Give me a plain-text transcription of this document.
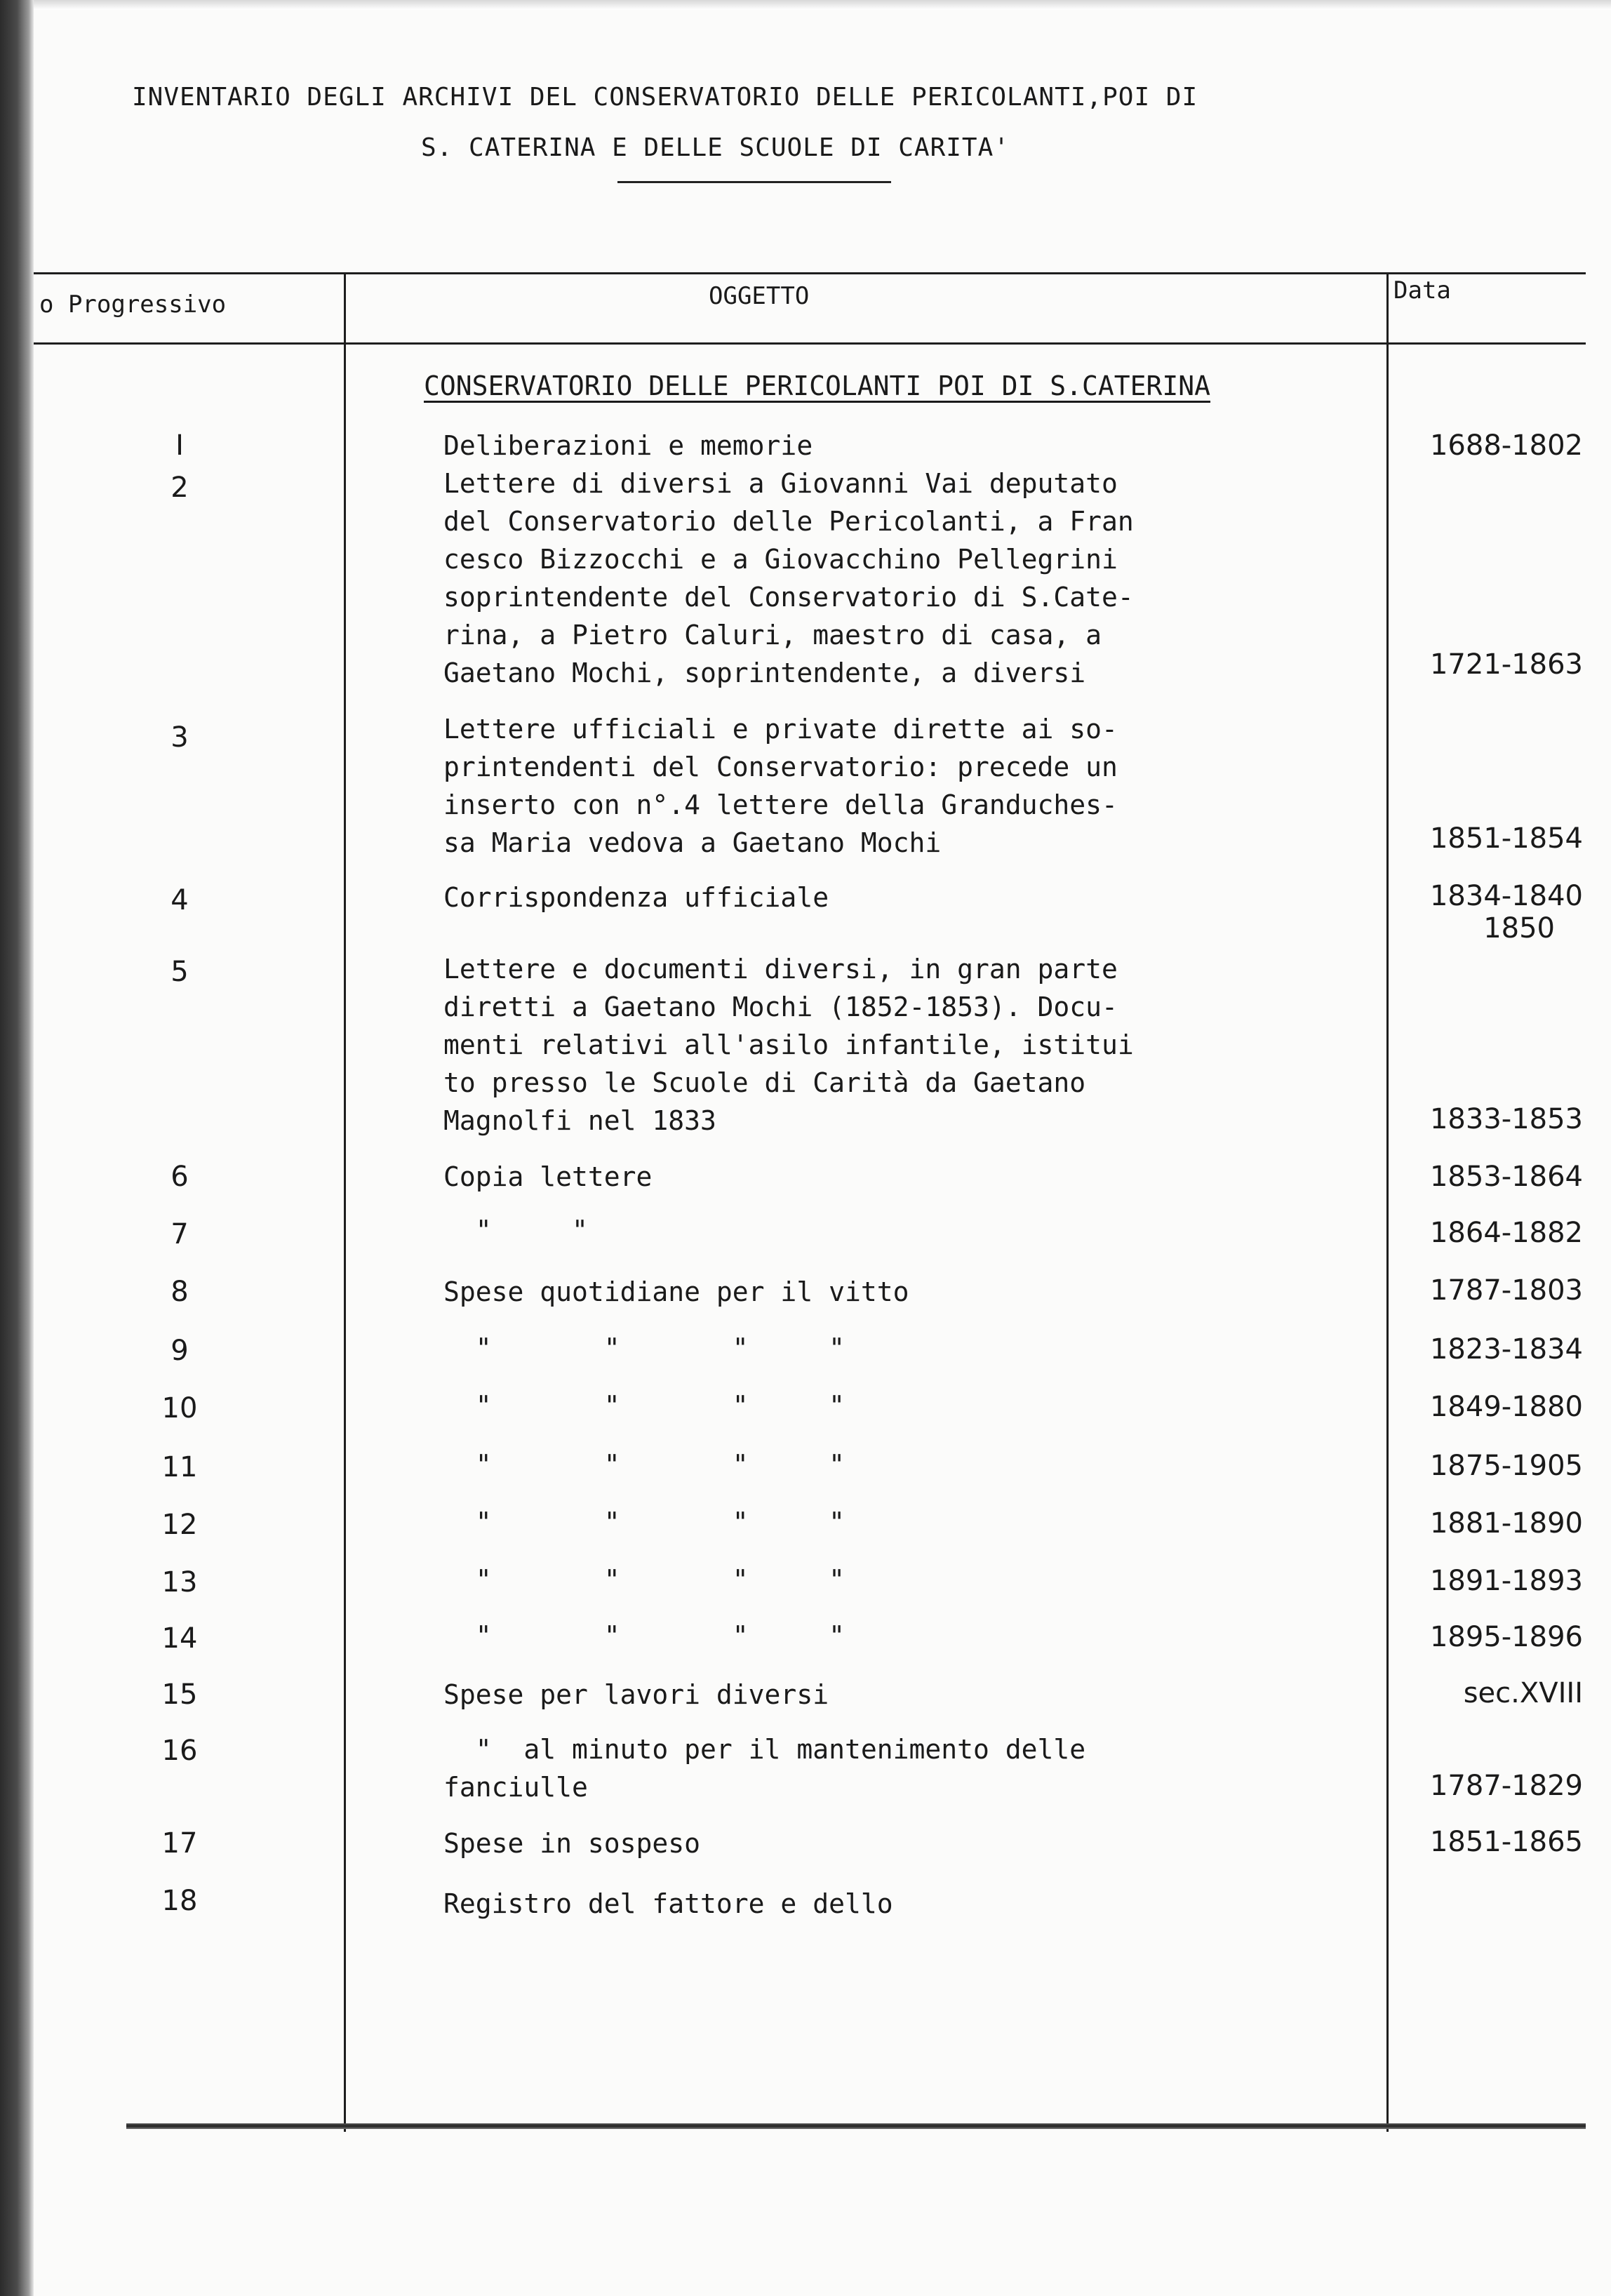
INVENTARIO DEGLI ARCHIVI DEL CONSERVATORIO DELLE PERICOLANTI,POI DI
S. CATERINA E DELLE SCUOLE DI CARITA'
o Progressivo	OGGETTO	Data
CONSERVATORIO DELLE PERICOLANTI POI DI S.CATERINA
I	Deliberazioni e memorie	1688-1802
2	Lettere di diversi a Giovanni Vai deputato
del Conservatorio delle Pericolanti, a Fran
cesco Bizzocchi e a Giovacchino Pellegrini
soprintendente del Conservatorio di S.Cate-
rina, a Pietro Caluri, maestro di casa, a
Gaetano Mochi, soprintendente, a diversi	1721-1863
3	Lettere ufficiali e private dirette ai so-
printendenti del Conservatorio: precede un
inserto con n°.4 lettere della Granduches-
sa Maria vedova a Gaetano Mochi	1851-1854
4	Corrispondenza ufficiale	1834-1840
1850
5	Lettere e documenti diversi, in gran parte
diretti a Gaetano Mochi (1852-1853). Docu-
menti relativi all'asilo infantile, istitui
to presso le Scuole di Carità da Gaetano
Magnolfi nel 1833	1833-1853
6	Copia lettere	1853-1864
7	"     "	1864-1882
8	Spese quotidiane per il vitto	1787-1803
9	"       "       "     "	1823-1834
10	"       "       "     "	1849-1880
11	"       "       "     "	1875-1905
12	"       "       "     "	1881-1890
13	"       "       "     "	1891-1893
14	"       "       "     "	1895-1896
15	Spese per lavori diversi	sec.XVIII
16	"  al minuto per il mantenimento delle
fanciulle	1787-1829
17	Spese in sospeso	1851-1865
18	Registro del fattore e dello
